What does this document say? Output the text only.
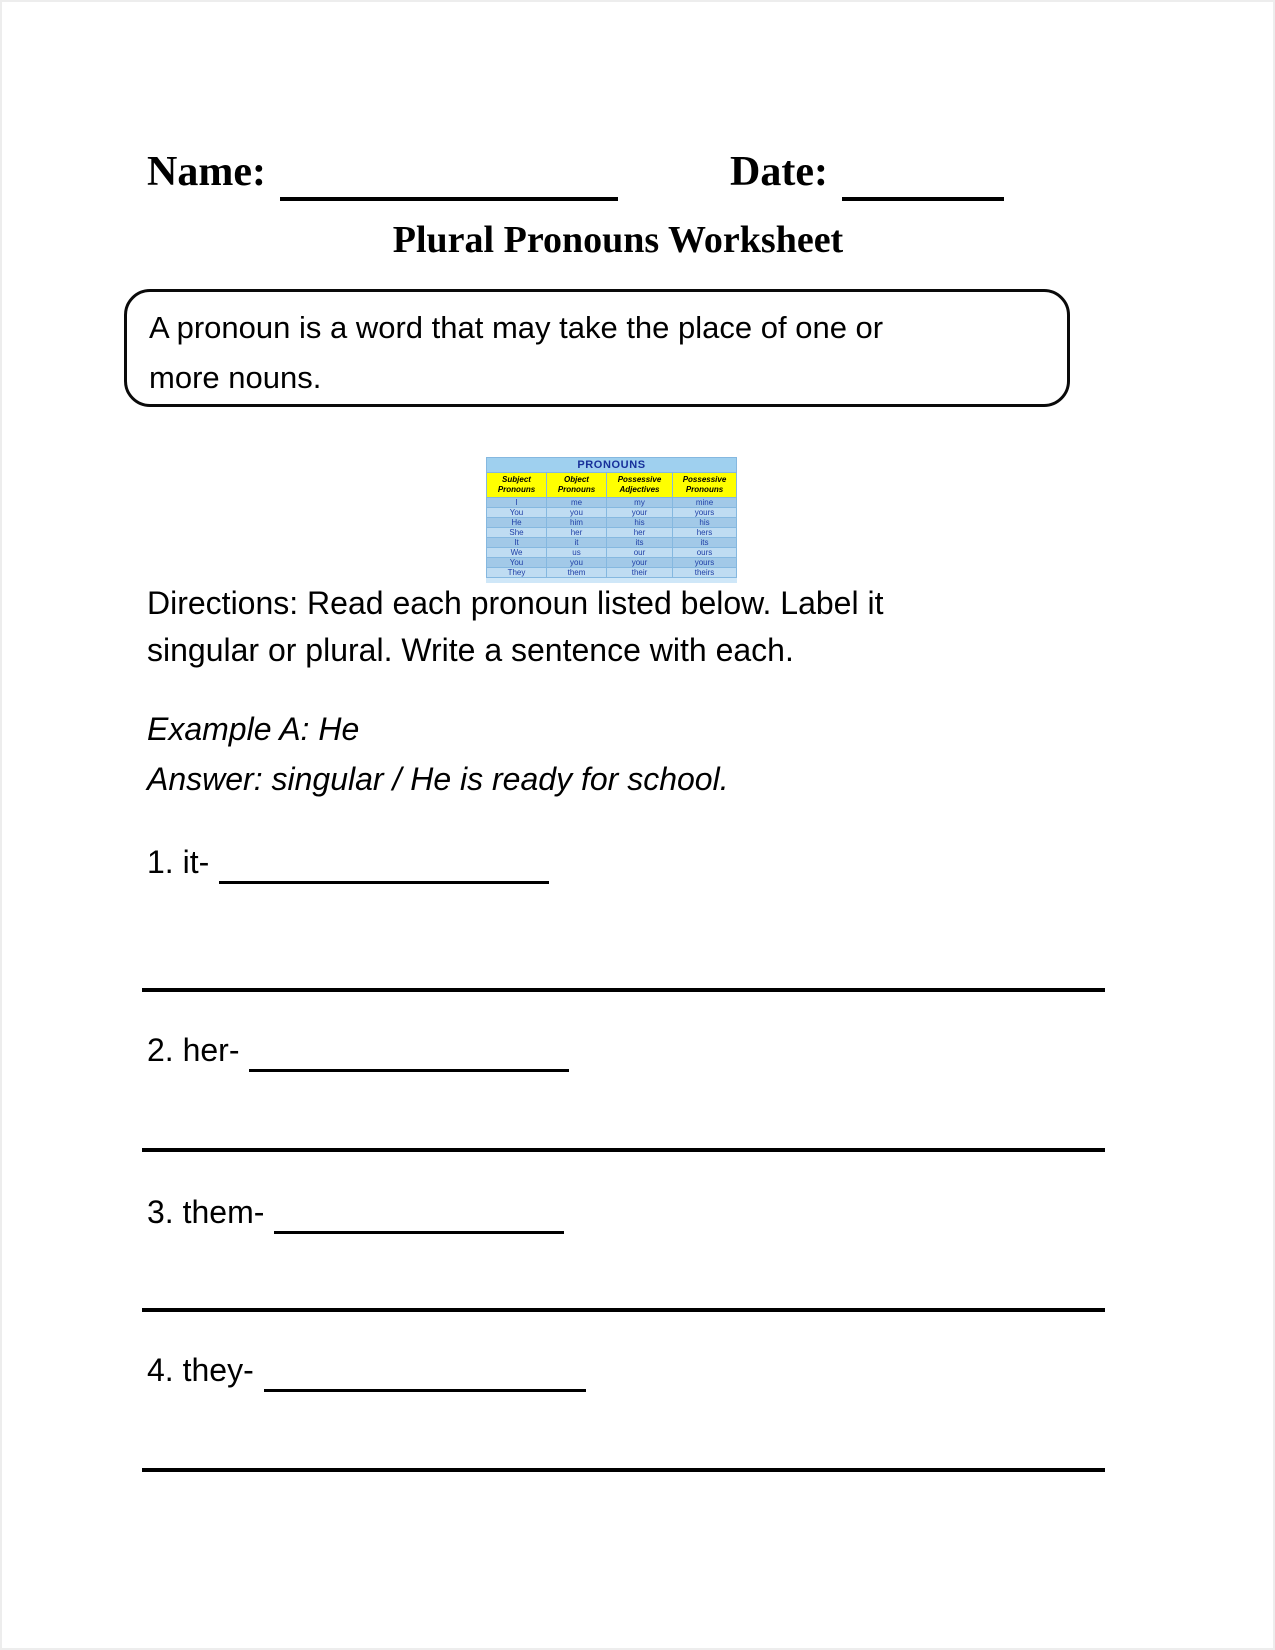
Name:	Date:
Plural Pronouns Worksheet
A pronoun is a word that may take the place of one or
more nouns.
PRONOUNS			
Subject Pronouns	Object Pronouns	Possessive Adjectives	Possessive Pronouns
I	me	my	mine
You	you	your	yours
He	him	his	his
She	her	her	hers
It	it	its	its
We	us	our	ours
You	you	your	yours
They	them	their	theirs
Directions: Read each pronoun listed below. Label it
singular or plural. Write a sentence with each.
Example A: He
Answer: singular / He is ready for school.
1. it-
2. her-
3. them-
4. they-
